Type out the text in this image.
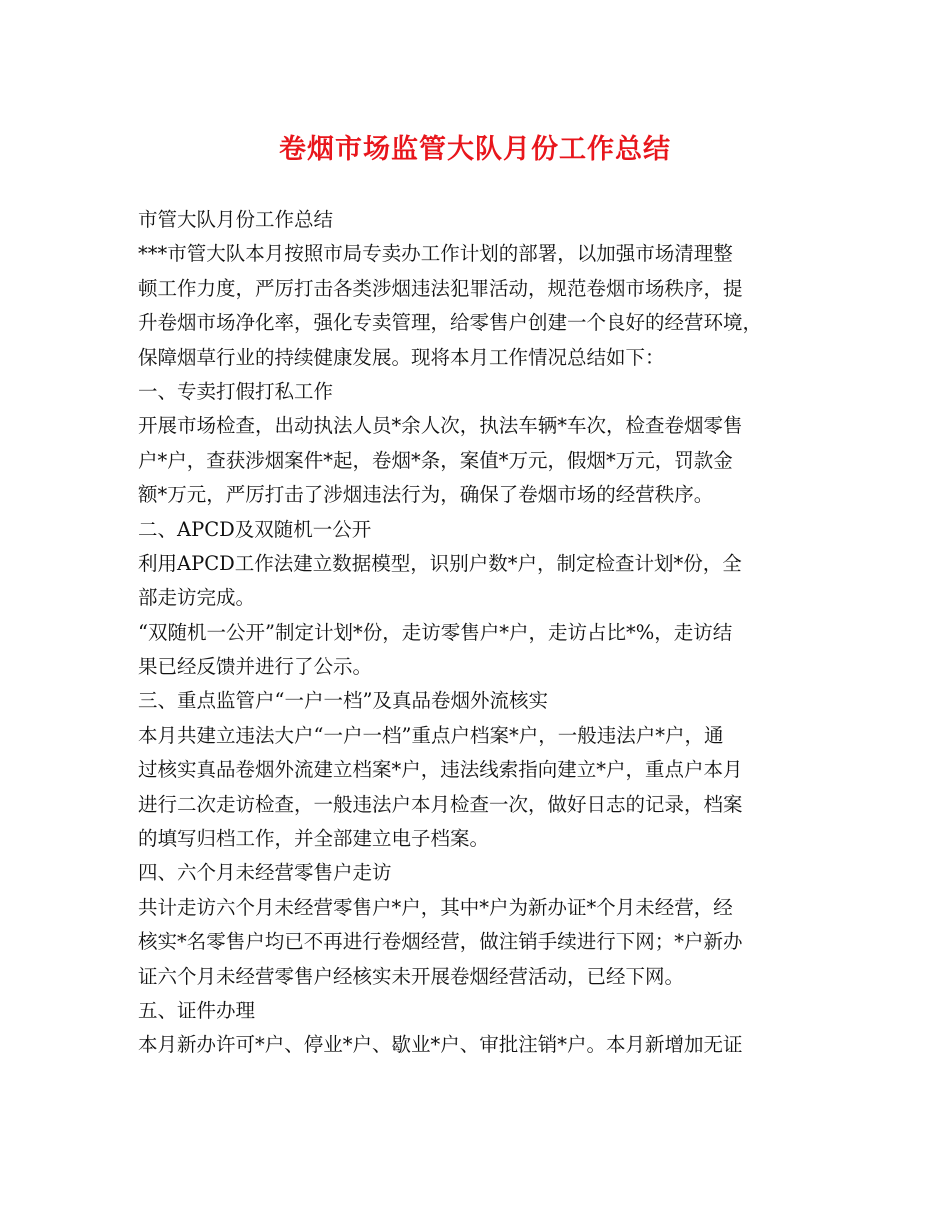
卷烟市场监管大队月份工作总结
市管大队月份工作总结
***市管大队本月按照市局专卖办工作计划的部署，以加强市场清理整
顿工作力度，严厉打击各类涉烟违法犯罪活动，规范卷烟市场秩序，提
升卷烟市场净化率，强化专卖管理，给零售户创建一个良好的经营环境，
保障烟草行业的持续健康发展。现将本月工作情况总结如下：
一、专卖打假打私工作
开展市场检查，出动执法人员*余人次，执法车辆*车次，检查卷烟零售
户*户，查获涉烟案件*起，卷烟*条，案值*万元，假烟*万元，罚款金
额*万元，严厉打击了涉烟违法行为，确保了卷烟市场的经营秩序。
二、APCD及双随机一公开
利用APCD工作法建立数据模型，识别户数*户，制定检查计划*份，全
部走访完成。
“双随机一公开”制定计划*份，走访零售户*户，走访占比*%，走访结
果已经反馈并进行了公示。
三、重点监管户“一户一档”及真品卷烟外流核实
本月共建立违法大户“一户一档”重点户档案*户，一般违法户*户，通
过核实真品卷烟外流建立档案*户，违法线索指向建立*户，重点户本月
进行二次走访检查，一般违法户本月检查一次，做好日志的记录，档案
的填写归档工作，并全部建立电子档案。
四、六个月未经营零售户走访
共计走访六个月未经营零售户*户，其中*户为新办证*个月未经营，经
核实*名零售户均已不再进行卷烟经营，做注销手续进行下网；*户新办
证六个月未经营零售户经核实未开展卷烟经营活动，已经下网。
五、证件办理
本月新办许可*户、停业*户、歇业*户、审批注销*户。本月新增加无证
